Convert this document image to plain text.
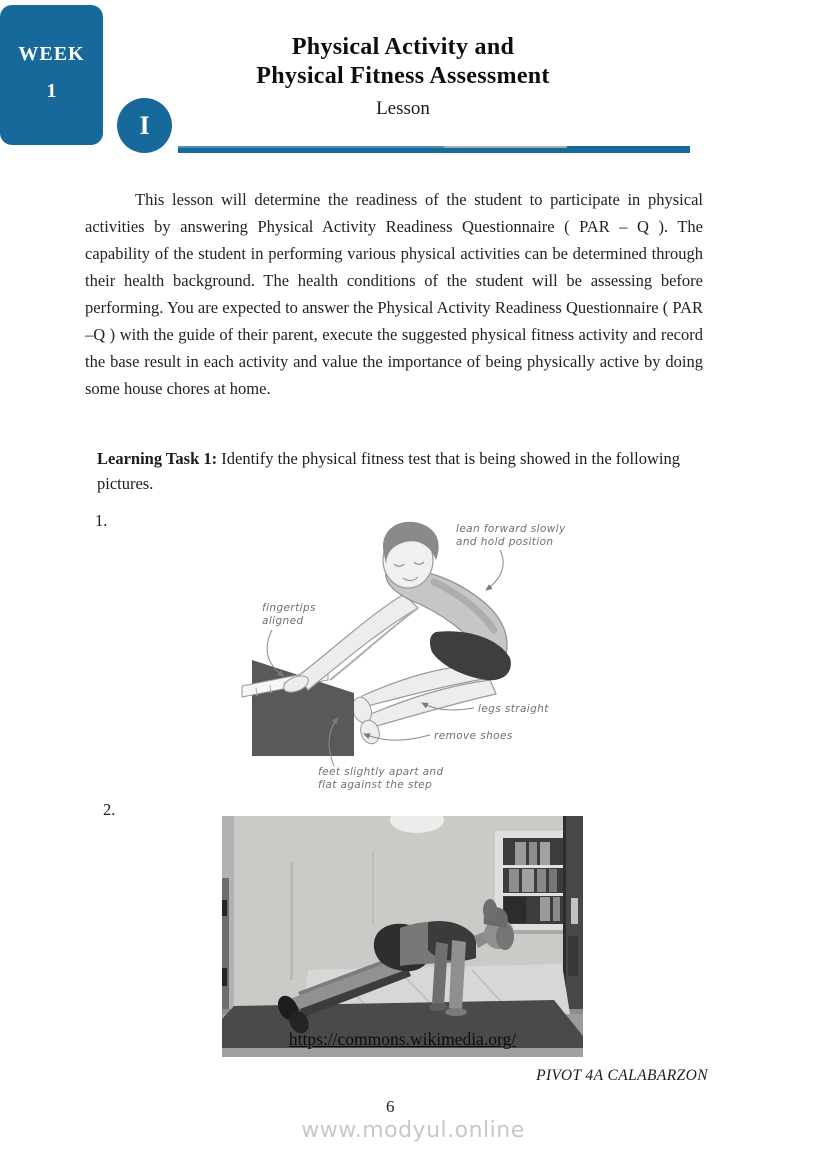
WEEK
1
Physical Activity and
Physical Fitness Assessment
Lesson
I

This lesson will determine the readiness of the student to participate in physical activities by answering Physical Activity Readiness Questionnaire ( PAR – Q ). The capability of the student in performing various physical activities can be determined through their health background. The health conditions of the student will be assessing before performing. You are expected to answer the Physical Activity Readiness Questionnaire ( PAR –Q ) with the guide of their parent, execute the suggested physical fitness activity and record the base result in each activity and value the importance of being physically active by doing some house chores at home.

Learning Task 1: Identify the physical fitness test that is being showed in the following pictures.
1.
2.
lean forward slowly
and hold position
fingertips
aligned
legs straight
remove shoes
feet slightly apart and
flat against the step
https://commons.wikimedia.org/
PIVOT 4A CALABARZON
6
www.modyul.online
